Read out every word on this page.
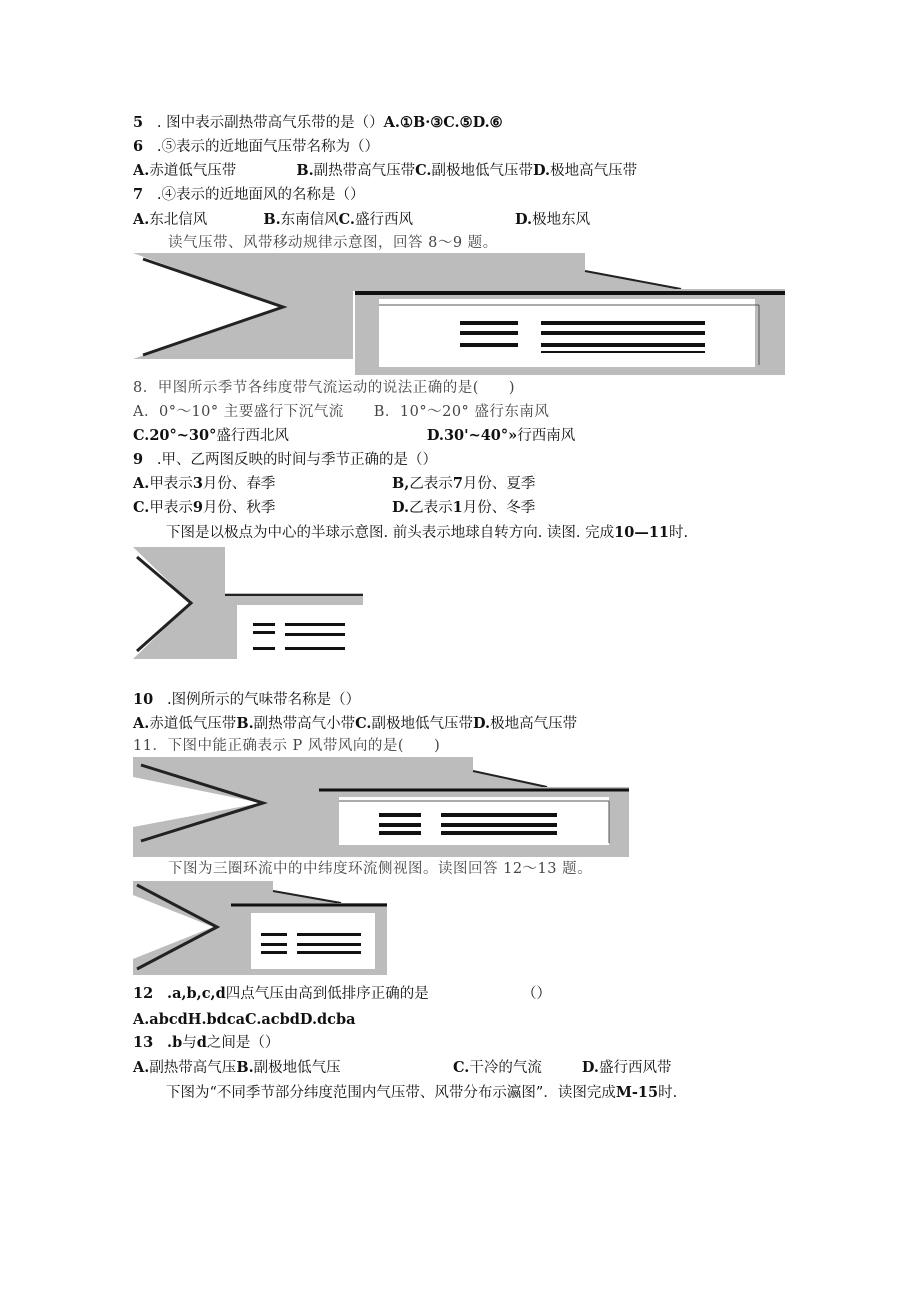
5 . 图中表示副热带高气乐带的是（）A.①B·③C.⑤D.⑥
6 .⑤表示的近地面气压带名称为（）
A.赤道低气压带	B.副热带高气压带C.副极地低气压带D.极地高气压带
7 .④表示的近地面风的名称是（）
A.东北信风	B.东南信风C.盛行西风	D.极地东风
读气压带、风带移动规律示意图，回答 8～9 题。
8．甲图所示季节各纬度带气流运动的说法正确的是(　　)
A．0°～10° 主要盛行下沉气流　　B．10°～20° 盛行东南风
C.20°~30°盛行西北风	D.30'~40°»行西南风
9 .甲、乙两图反映的时间与季节正确的是（）
A.甲表示3月份、春季	B,乙表示7月份、夏季
C.甲表示9月份、秋季	D.乙表示1月份、冬季
下图是以极点为中心的半球示意图. 前头表示地球自转方向. 读图. 完成10—11时.
10 .图例所示的气味带名称是（）
A.赤道低气压带B.副热带高气小带C.副极地低气压带D.极地高气压带
11．下图中能正确表示 P 风带风向的是(　　)
下图为三圈环流中的中纬度环流侧视图。读图回答 12～13 题。
12 .a,b,c,d四点气压由高到低排序正确的是	（）
A.abcdH.bdcaC.acbdD.dcba
13 .b与d之间是（）
A.副热带高气压B.副极地低气压	C.干冷的气流	D.盛行西风带
下图为“不同季节部分纬度范围内气压带、风带分布示瀛图”．读图完成M-15时.
